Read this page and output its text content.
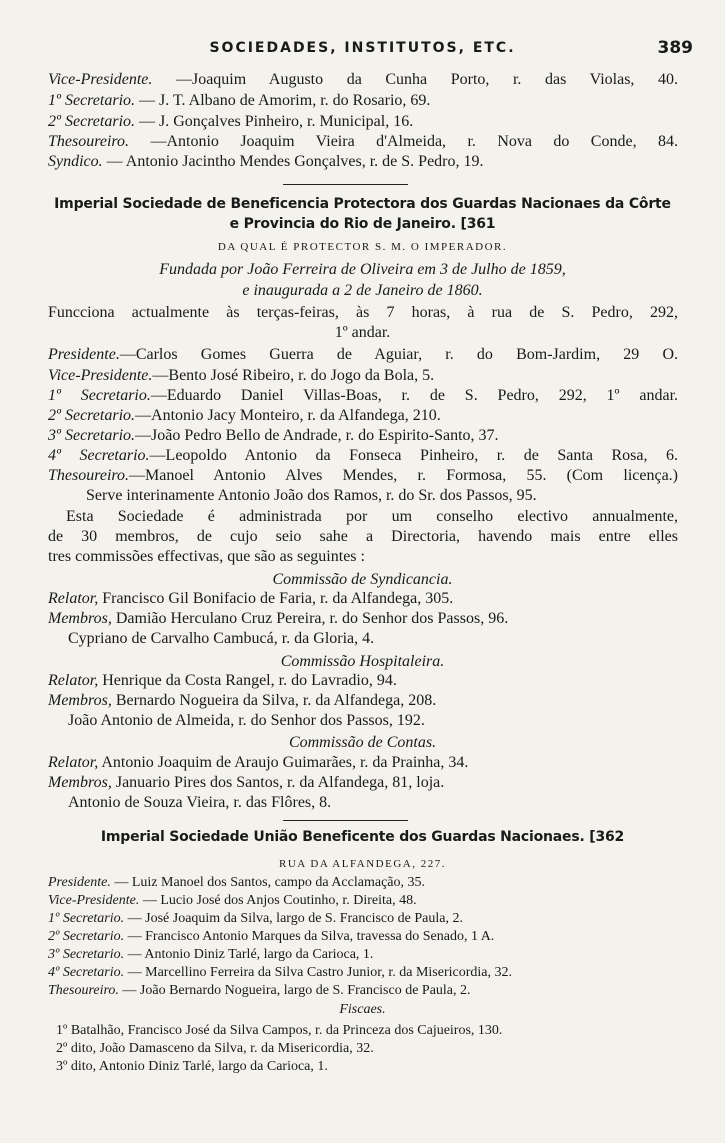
SOCIEDADES, INSTITUTOS, ETC.	389
Vice-Presidente. —Joaquim Augusto da Cunha Porto, r. das Violas, 40.
1º Secretario. — J. T. Albano de Amorim, r. do Rosario, 69.
2º Secretario. — J. Gonçalves Pinheiro, r. Municipal, 16.
Thesoureiro. —Antonio Joaquim Vieira d'Almeida, r. Nova do Conde, 84.
Syndico. — Antonio Jacintho Mendes Gonçalves, r. de S. Pedro, 19.
Imperial Sociedade de Beneficencia Protectora dos Guardas Nacionaes da Côrte
e Provincia do Rio de Janeiro. [361
DA QUAL É PROTECTOR S. M. O IMPERADOR.
Fundada por João Ferreira de Oliveira em 3 de Julho de 1859,
e inaugurada a 2 de Janeiro de 1860.
Funcciona actualmente às terças-feiras, às 7 horas, à rua de S. Pedro, 292,
1º andar.
Presidente.—Carlos Gomes Guerra de Aguiar, r. do Bom-Jardim, 29 O.
Vice-Presidente.—Bento José Ribeiro, r. do Jogo da Bola, 5.
1º Secretario.—Eduardo Daniel Villas-Boas, r. de S. Pedro, 292, 1º andar.
2º Secretario.—Antonio Jacy Monteiro, r. da Alfandega, 210.
3º Secretario.—João Pedro Bello de Andrade, r. do Espirito-Santo, 37.
4º Secretario.—Leopoldo Antonio da Fonseca Pinheiro, r. de Santa Rosa, 6.
Thesoureiro.—Manoel Antonio Alves Mendes, r. Formosa, 55. (Com licença.)
Serve interinamente Antonio João dos Ramos, r. do Sr. dos Passos, 95.
Esta Sociedade é administrada por um conselho electivo annualmente,
de 30 membros, de cujo seio sahe a Directoria, havendo mais entre elles
tres commissões effectivas, que são as seguintes :
Commissão de Syndicancia.
Relator, Francisco Gil Bonifacio de Faria, r. da Alfandega, 305.
Membros, Damião Herculano Cruz Pereira, r. do Senhor dos Passos, 96.
Cypriano de Carvalho Cambucá, r. da Gloria, 4.
Commissão Hospitaleira.
Relator, Henrique da Costa Rangel, r. do Lavradio, 94.
Membros, Bernardo Nogueira da Silva, r. da Alfandega, 208.
João Antonio de Almeida, r. do Senhor dos Passos, 192.
Commissão de Contas.
Relator, Antonio Joaquim de Araujo Guimarães, r. da Prainha, 34.
Membros, Januario Pires dos Santos, r. da Alfandega, 81, loja.
Antonio de Souza Vieira, r. das Flôres, 8.
Imperial Sociedade União Beneficente dos Guardas Nacionaes. [362
RUA DA ALFANDEGA, 227.
Presidente. — Luiz Manoel dos Santos, campo da Acclamação, 35.
Vice-Presidente. — Lucio José dos Anjos Coutinho, r. Direita, 48.
1º Secretario. — José Joaquim da Silva, largo de S. Francisco de Paula, 2.
2º Secretario. — Francisco Antonio Marques da Silva, travessa do Senado, 1 A.
3º Secretario. — Antonio Diniz Tarlé, largo da Carioca, 1.
4º Secretario. — Marcellino Ferreira da Silva Castro Junior, r. da Misericordia, 32.
Thesoureiro. — João Bernardo Nogueira, largo de S. Francisco de Paula, 2.
Fiscaes.
1º Batalhão, Francisco José da Silva Campos, r. da Princeza dos Cajueiros, 130.
2º dito, João Damasceno da Silva, r. da Misericordia, 32.
3º dito, Antonio Diniz Tarlé, largo da Carioca, 1.
